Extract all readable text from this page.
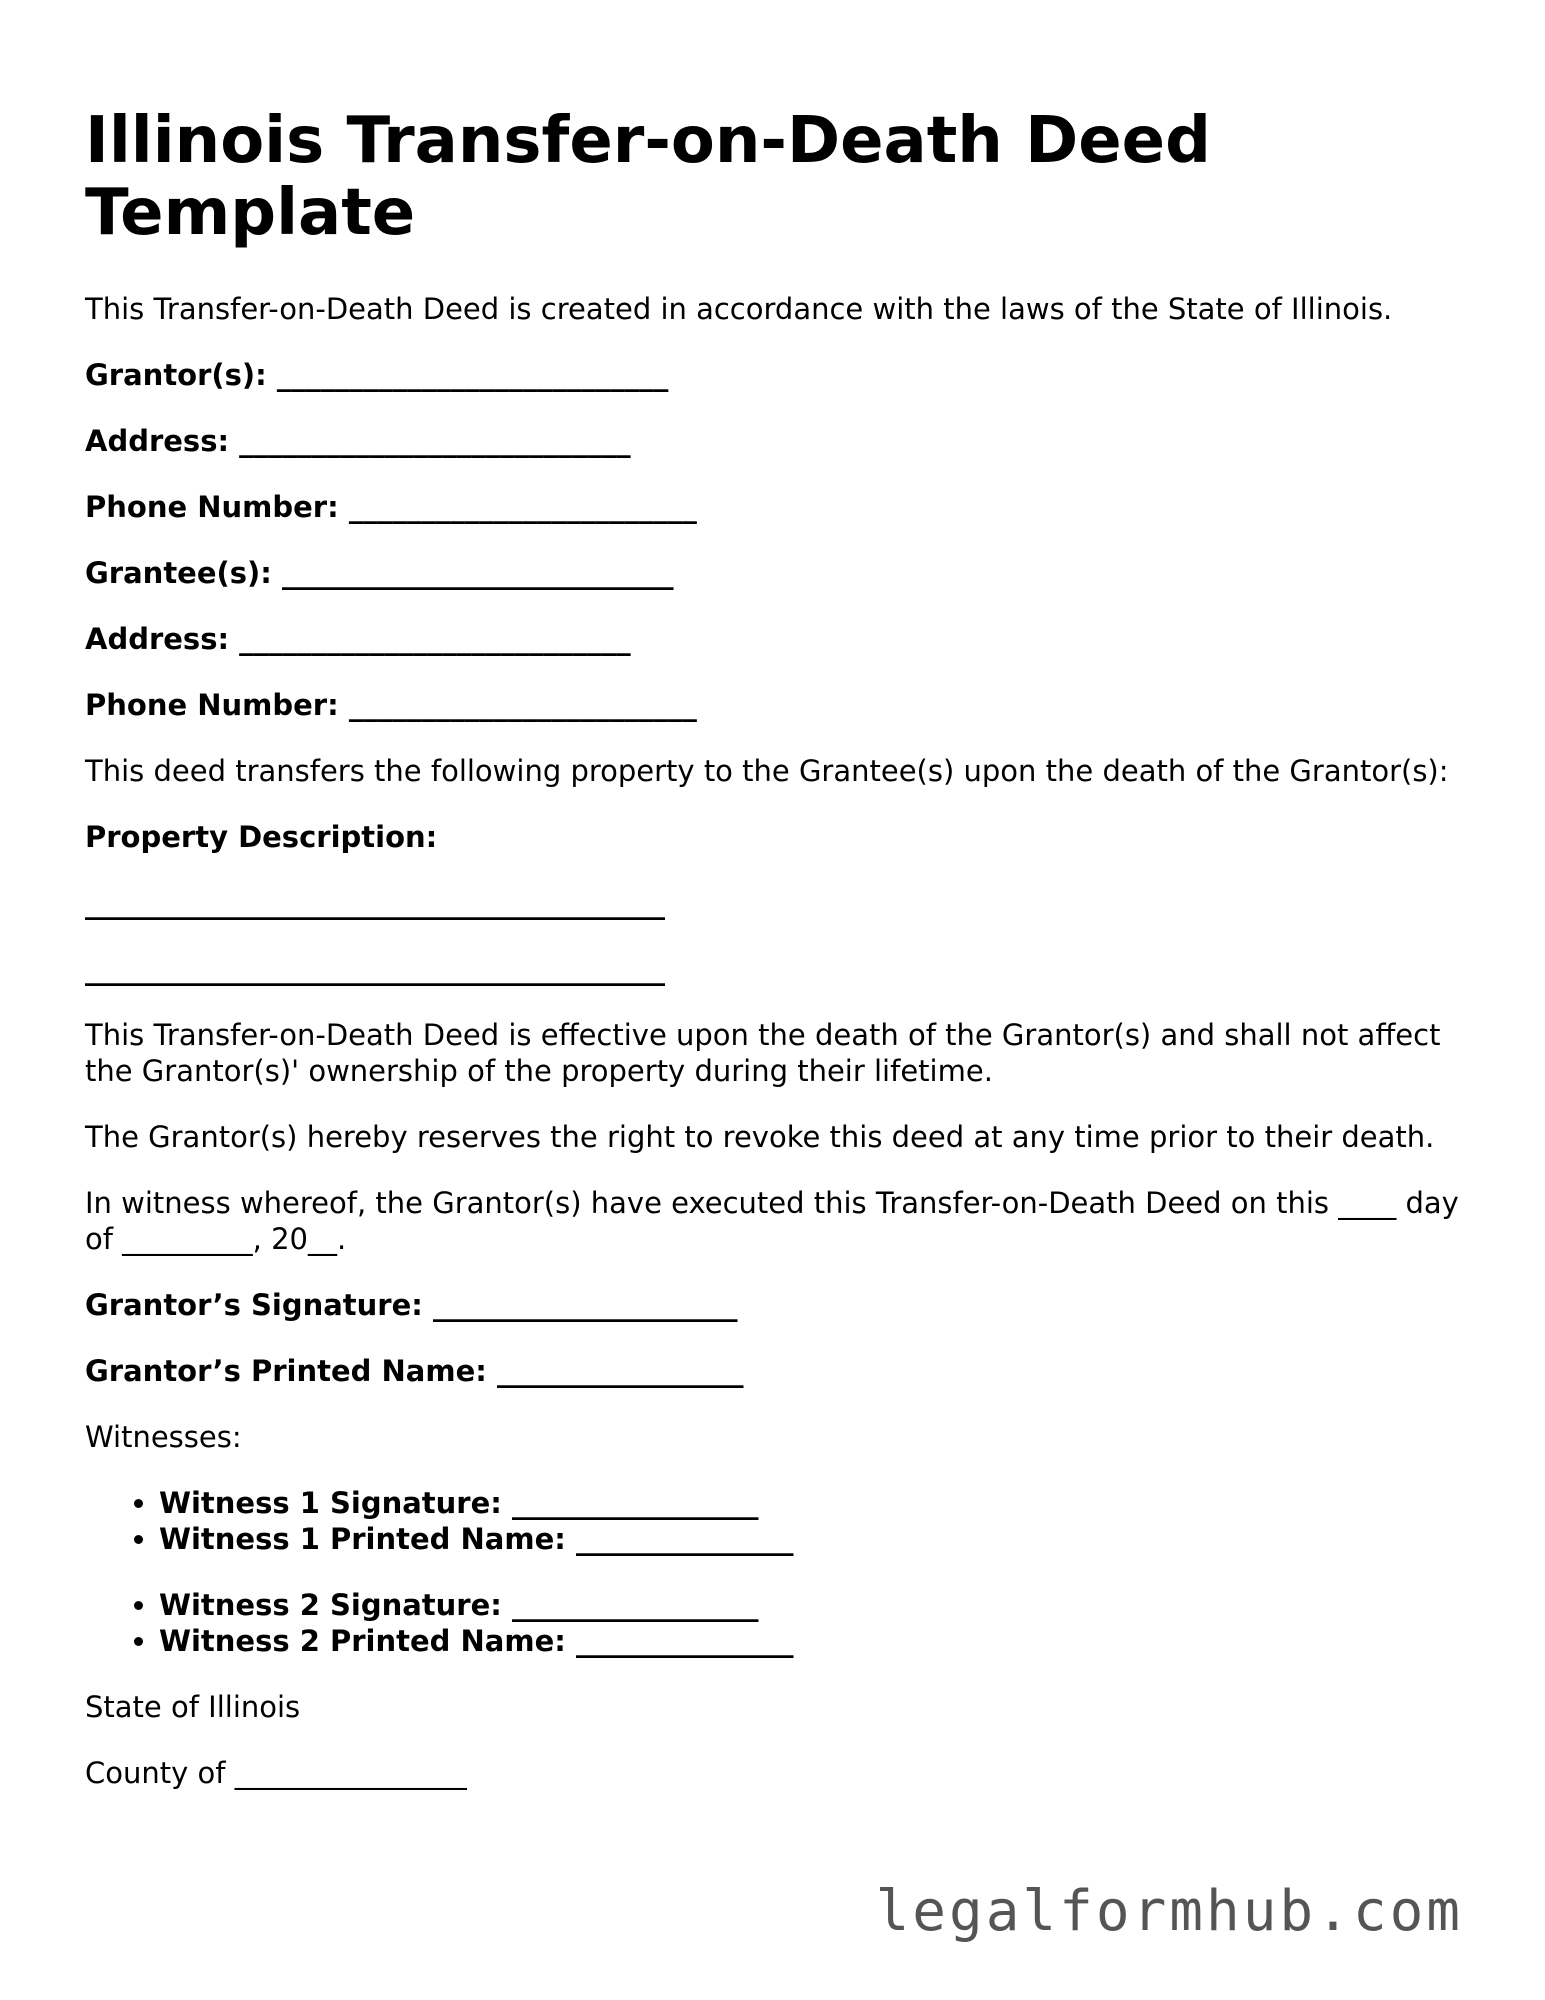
Illinois Transfer-on-Death Deed Template

This Transfer-on-Death Deed is created in accordance with the laws of the State of Illinois.

Grantor(s): ___________________________
Address: ___________________________
Phone Number: ________________________
Grantee(s): ___________________________
Address: ___________________________
Phone Number: ________________________

This deed transfers the following property to the Grantee(s) upon the death of the Grantor(s):

Property Description:
________________________________________
________________________________________

This Transfer-on-Death Deed is effective upon the death of the Grantor(s) and shall not affect the Grantor(s)' ownership of the property during their lifetime.

The Grantor(s) hereby reserves the right to revoke this deed at any time prior to their death.

In witness whereof, the Grantor(s) have executed this Transfer-on-Death Deed on this ____ day of _________, 20__.

Grantor’s Signature: _____________________
Grantor’s Printed Name: _________________

Witnesses:

• Witness 1 Signature: _________________
• Witness 1 Printed Name: _______________
• Witness 2 Signature: _________________
• Witness 2 Printed Name: _______________

State of Illinois

County of ________________

legalformhub.com
